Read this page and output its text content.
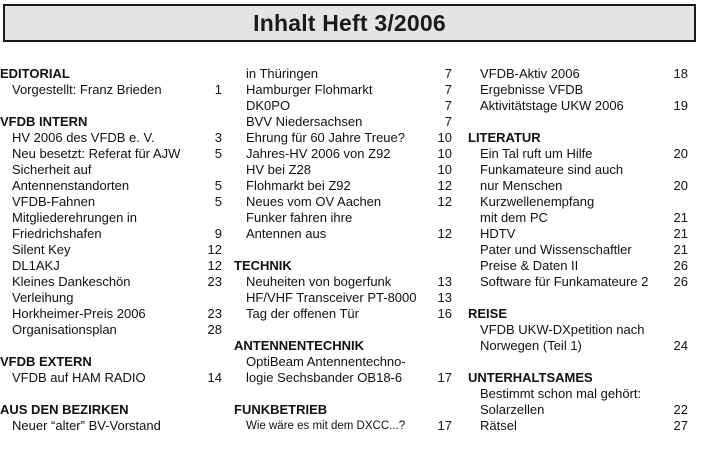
Inhalt Heft 3/2006
EDITORIAL
Vorgestellt: Franz Brieden	1
VFDB INTERN
HV 2006 des VFDB e. V.	3
Neu besetzt: Referat für AJW	5
Sicherheit auf
Antennenstandorten	5
VFDB-Fahnen	5
Mitgliederehrungen in
Friedrichshafen	9
Silent Key	12
DL1AKJ	12
Kleines Dankeschön	23
Verleihung
Horkheimer-Preis 2006	23
Organisationsplan	28
VFDB EXTERN
VFDB auf HAM RADIO	14
AUS DEN BEZIRKEN
Neuer “alter” BV-Vorstand
in Thüringen	7
Hamburger Flohmarkt	7
DK0PO	7
BVV Niedersachsen	7
Ehrung für 60 Jahre Treue?	10
Jahres-HV 2006 von Z92	10
HV bei Z28	10
Flohmarkt bei Z92	12
Neues vom OV Aachen	12
Funker fahren ihre
Antennen aus	12
TECHNIK
Neuheiten von bogerfunk	13
HF/VHF Transceiver PT-8000	13
Tag der offenen Tür	16
ANTENNENTECHNIK
OptiBeam Antennentechno-
logie Sechsbander OB18-6	17
FUNKBETRIEB
Wie wäre es mit dem DXCC...?	17
VFDB-Aktiv 2006	18
Ergebnisse VFDB
Aktivitätstage UKW 2006	19
LITERATUR
Ein Tal ruft um Hilfe	20
Funkamateure sind auch
nur Menschen	20
Kurzwellenempfang
mit dem PC	21
HDTV	21
Pater und Wissenschaftler	21
Preise & Daten II	26
Software für Funkamateure 2	26
REISE
VFDB UKW-DXpetition nach
Norwegen (Teil 1)	24
UNTERHALTSAMES
Bestimmt schon mal gehört:
Solarzellen	22
Rätsel	27
